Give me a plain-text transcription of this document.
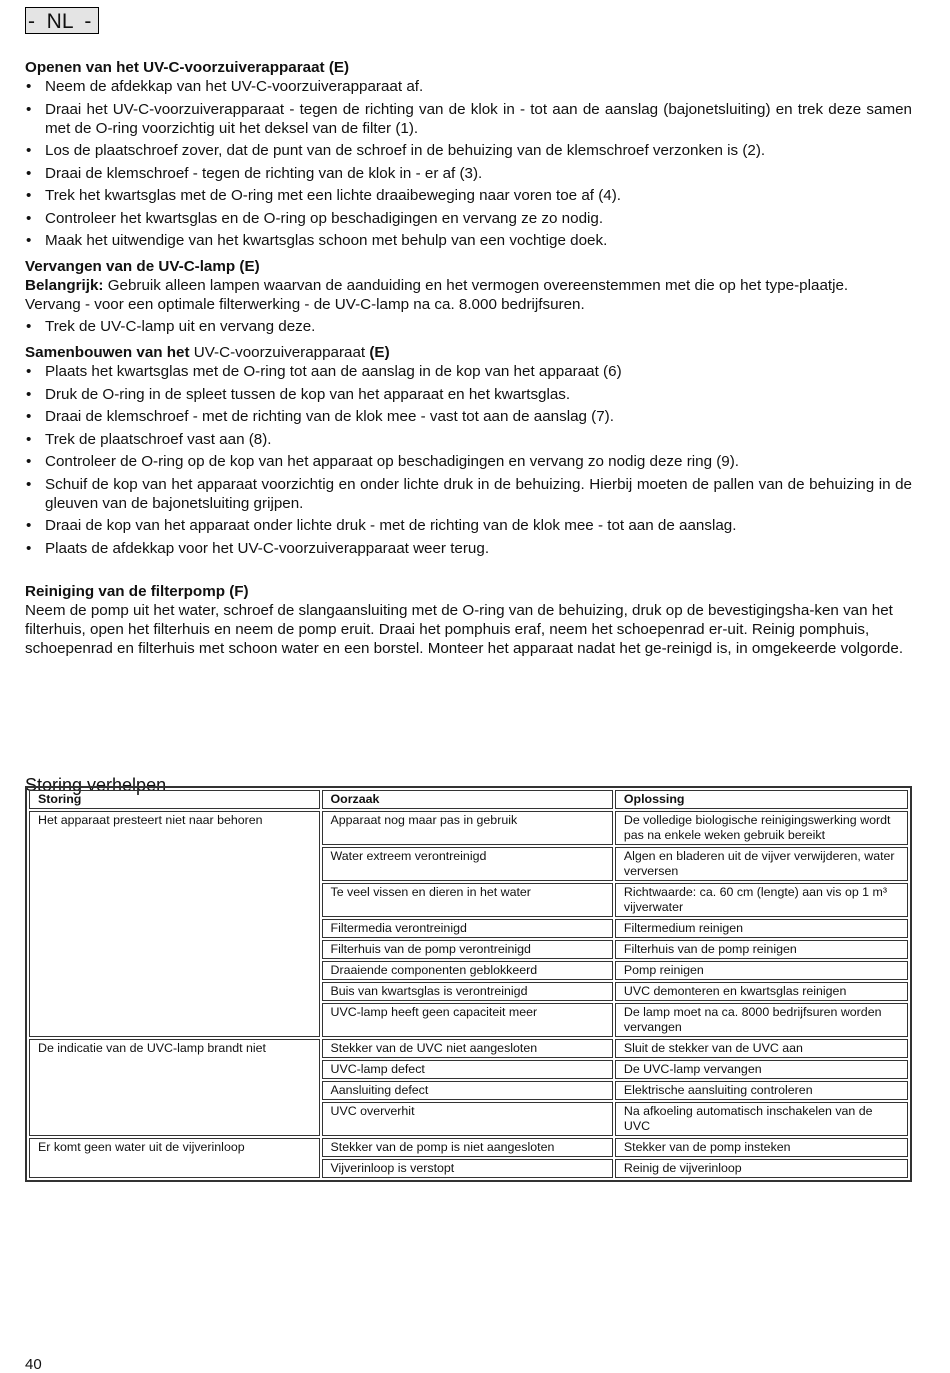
-  NL  -
Openen van het UV-C-voorzuiverapparaat (E)
• Neem de afdekkap van het UV-C-voorzuiverapparaat af.
• Draai het UV-C-voorzuiverapparaat - tegen de richting van de klok in - tot aan de aanslag (bajonetsluiting) en trek deze samen met de O-ring voorzichtig uit het deksel van de filter (1).
• Los de plaatschroef zover, dat de punt van de schroef in de behuizing van de klemschroef verzonken is (2).
• Draai de klemschroef - tegen de richting van de klok in - er af (3).
• Trek het kwartsglas met de O-ring met een lichte draaibeweging naar voren toe af (4).
• Controleer het kwartsglas en de O-ring op beschadigingen en vervang ze zo nodig.
• Maak het uitwendige van het kwartsglas schoon met behulp van een vochtige doek.
Vervangen van de UV-C-lamp (E)

Belangrijk: Gebruik alleen lampen waarvan de aanduiding en het vermogen overeenstemmen met die op het type-plaatje.

Vervang - voor een optimale filterwerking - de UV-C-lamp na ca. 8.000 bedrijfsuren.

• Trek de UV-C-lamp uit en vervang deze.
Samenbouwen van het UV-C-voorzuiverapparaat (E)
• Plaats het kwartsglas met de O-ring tot aan de aanslag in de kop van het apparaat (6)
• Druk de O-ring in de spleet tussen de kop van het apparaat en het kwartsglas.
• Draai de klemschroef - met de richting van de klok mee - vast tot aan de aanslag (7).
• Trek de plaatschroef vast aan (8).
• Controleer de O-ring op de kop van het apparaat op beschadigingen en vervang zo nodig deze ring (9).
• Schuif de kop van het apparaat voorzichtig en onder lichte druk in de behuizing. Hierbij moeten de pallen van de behuizing in de gleuven van de bajonetsluiting grijpen.
• Draai de kop van het apparaat onder lichte druk - met de richting van de klok mee - tot aan de aanslag.
• Plaats de afdekkap voor het UV-C-voorzuiverapparaat weer terug.
Reiniging van de filterpomp (F)

Neem de pomp uit het water, schroef de slangaansluiting met de O-ring van de behuizing, druk op de bevestigingsha-ken van het filterhuis, open het filterhuis en neem de pomp eruit. Draai het pomphuis eraf, neem het schoepenrad er-uit. Reinig pomphuis, schoepenrad en filterhuis met schoon water en een borstel. Monteer het apparaat nadat het ge-reinigd is, in omgekeerde volgorde.

Storing verhelpen
Storing	Oorzaak	Oplossing
Het apparaat presteert niet naar behoren	Apparaat nog maar pas in gebruik	De volledige biologische reinigingswerking wordt pas na enkele weken gebruik bereikt
	Water extreem verontreinigd	Algen en bladeren uit de vijver verwijderen, water verversen
	Te veel vissen en dieren in het water	Richtwaarde: ca. 60 cm (lengte) aan vis op 1 m³ vijverwater
	Filtermedia verontreinigd	Filtermedium reinigen
	Filterhuis van de pomp verontreinigd	Filterhuis van de pomp reinigen
	Draaiende componenten geblokkeerd	Pomp reinigen
	Buis van kwartsglas is verontreinigd	UVC demonteren en kwartsglas reinigen
	UVC-lamp heeft geen capaciteit meer	De lamp moet na ca. 8000 bedrijfsuren worden vervangen
De indicatie van de UVC-lamp brandt niet	Stekker van de UVC niet aangesloten	Sluit de stekker van de UVC aan
	UVC-lamp defect	De UVC-lamp vervangen
	Aansluiting defect	Elektrische aansluiting controleren
	UVC oververhit	Na afkoeling automatisch inschakelen van de UVC
Er komt geen water uit de vijverinloop	Stekker van de pomp is niet aangesloten	Stekker van de pomp insteken
	Vijverinloop is verstopt	Reinig de vijverinloop
40
